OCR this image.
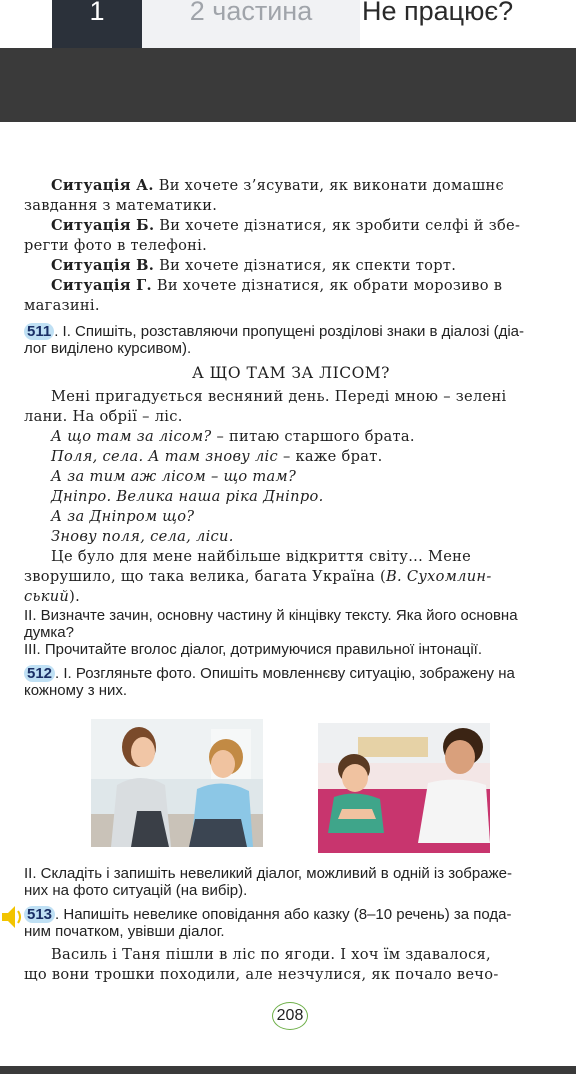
1	2 частина	Не працює?

Ситуація А. Ви хочете з’ясувати, як виконати домашнє

завдання з математики.

Ситуація Б. Ви хочете дізнатися, як зробити селфі й збе-

регти фото в телефоні.

Ситуація В. Ви хочете дізнатися, як спекти торт.

Ситуація Г. Ви хочете дізнатися, як обрати морозиво в

магазині.

511 . І. Спишіть, розставляючи пропущені розділові знаки в діалозі (діа-

лог виділено курсивом).

А ЩО ТАМ ЗА ЛІСОМ?

Мені пригадується весняний день. Переді мною – зелені

лани. На обрії – ліс.

А що там за лісом? – питаю старшого брата.

Поля, села. А там знову ліс – каже брат.

А за тим аж лісом – що там?

Дніпро. Велика наша ріка Дніпро.

А за Дніпром що?

Знову поля, села, ліси.

Це було для мене найбільше відкриття світу... Мене

зворушило, що така велика, багата Україна (В. Сухомлин-

ський).

ІІ. Визначте зачин, основну частину й кінцівку тексту. Яка його основна

думка?

ІІІ. Прочитайте вголос діалог, дотримуючися правильної інтонації.

512 . І. Розгляньте фото. Опишіть мовленнєву ситуацію, зображену на

кожному з них.

ІІ. Складіть і запишіть невеликий діалог, можливий в одній із зображе-

них на фото ситуацій (на вибір).

513 . Напишіть невелике оповідання або казку (8–10 речень) за пода-

ним початком, увівши діалог.

Василь і Таня пішли в ліс по ягоди. І хоч їм здавалося,

що вони трошки походили, але незчулися, як почало вечо-

208
